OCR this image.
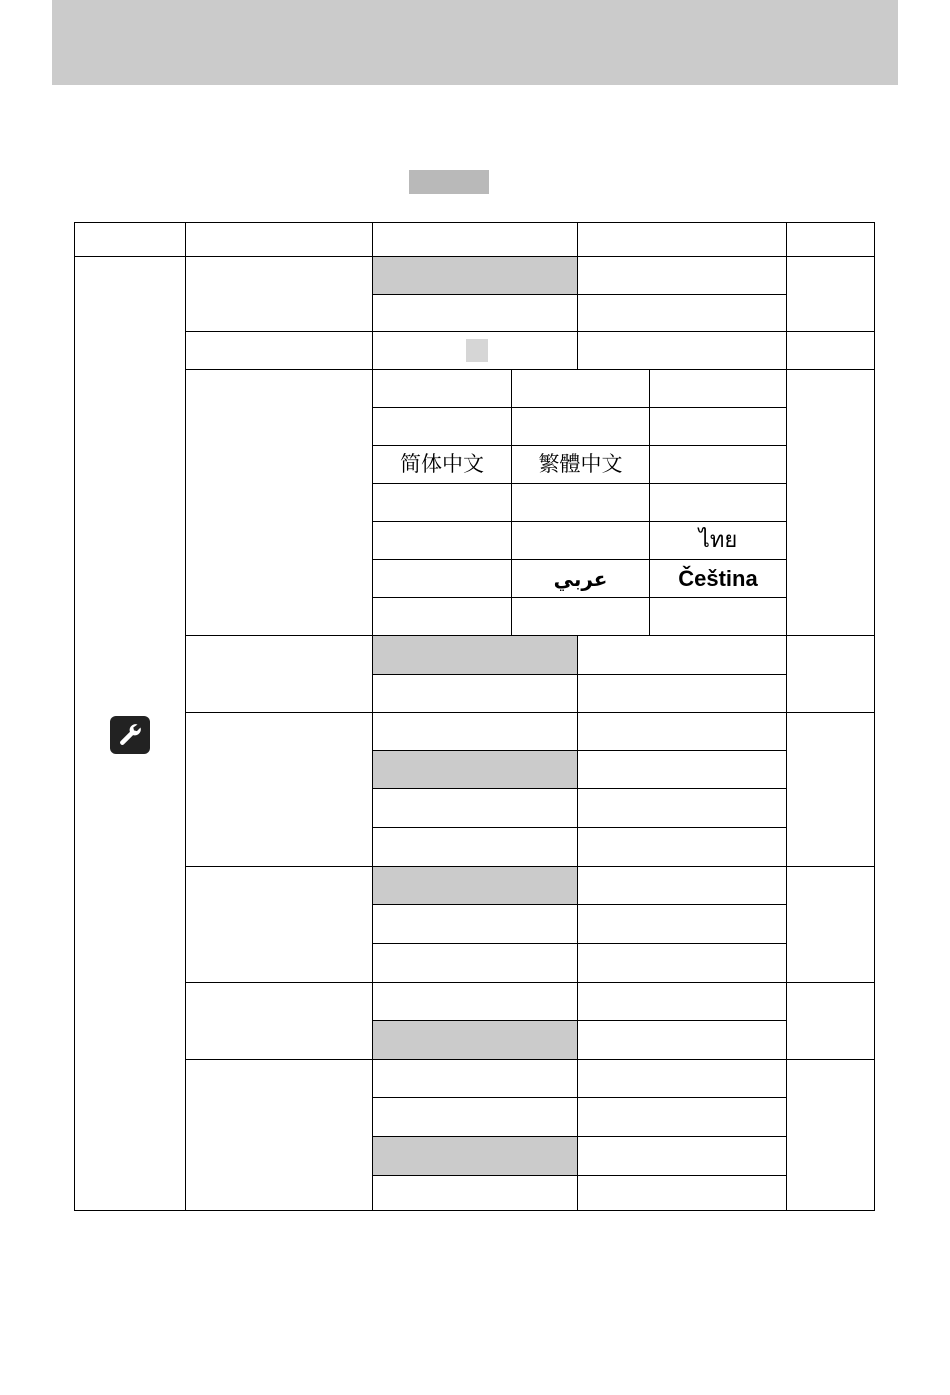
简体中文	繁體中文
ไทย
عربي	Čeština
